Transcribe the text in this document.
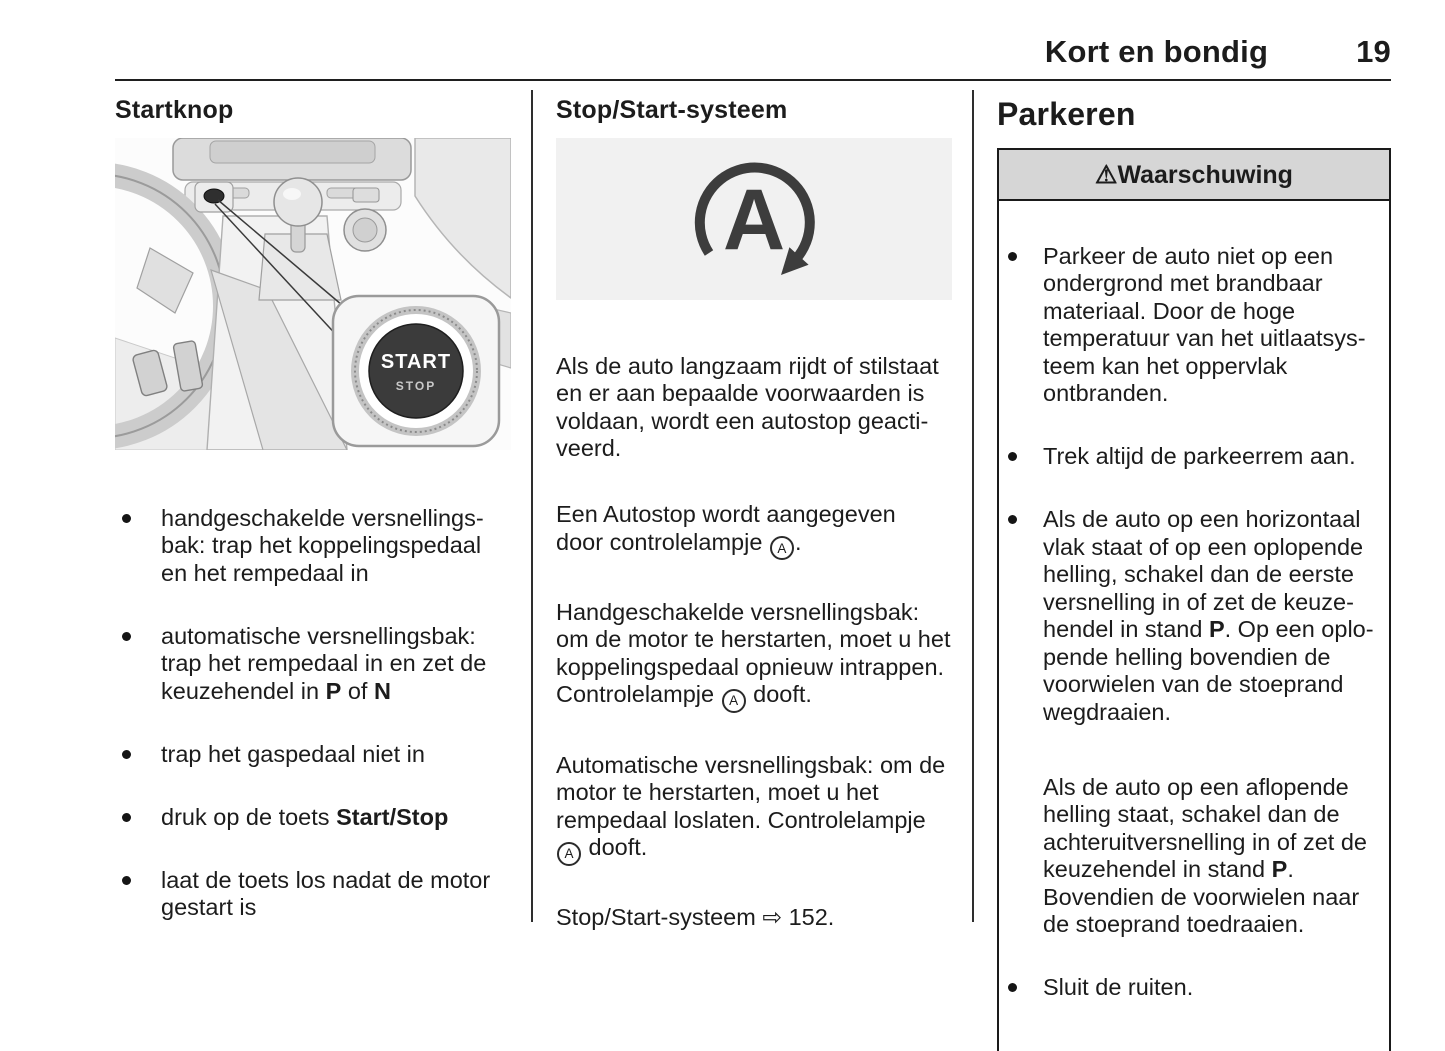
Kort en bondig	19
Startknop
START
STOP

handgeschakelde versnellings-
bak: trap het koppelingspedaal
en het rempedaal in

automatische versnellingsbak:
trap het rempedaal in en zet de
keuzehendel in P of N

trap het gaspedaal niet in

druk op de toets Start/Stop

laat de toets los nadat de motor
gestart is

Stop/Start-systeem
A

Als de auto langzaam rijdt of stilstaat
en er aan bepaalde voorwaarden is
voldaan, wordt een autostop geacti-
veerd.

Een Autostop wordt aangegeven
door controlelampje A .

Handgeschakelde versnellingsbak:
om de motor te herstarten, moet u het
koppelingspedaal opnieuw intrappen.
Controlelampje A dooft.

Automatische versnellingsbak: om de
motor te herstarten, moet u het
rempedaal loslaten. Controlelampje
A dooft.

Stop/Start-systeem ⇨ 152.

Parkeren
⚠Waarschuwing

Parkeer de auto niet op een
ondergrond met brandbaar
materiaal. Door de hoge
temperatuur van het uitlaatsys-
teem kan het oppervlak
ontbranden.

Trek altijd de parkeerrem aan.

Als de auto op een horizontaal
vlak staat of op een oplopende
helling, schakel dan de eerste
versnelling in of zet de keuze-
hendel in stand P. Op een oplo-
pende helling bovendien de
voorwielen van de stoeprand
wegdraaien.

Als de auto op een aflopende
helling staat, schakel dan de
achteruitversnelling in of zet de
keuzehendel in stand P.
Bovendien de voorwielen naar
de stoeprand toedraaien.

Sluit de ruiten.
